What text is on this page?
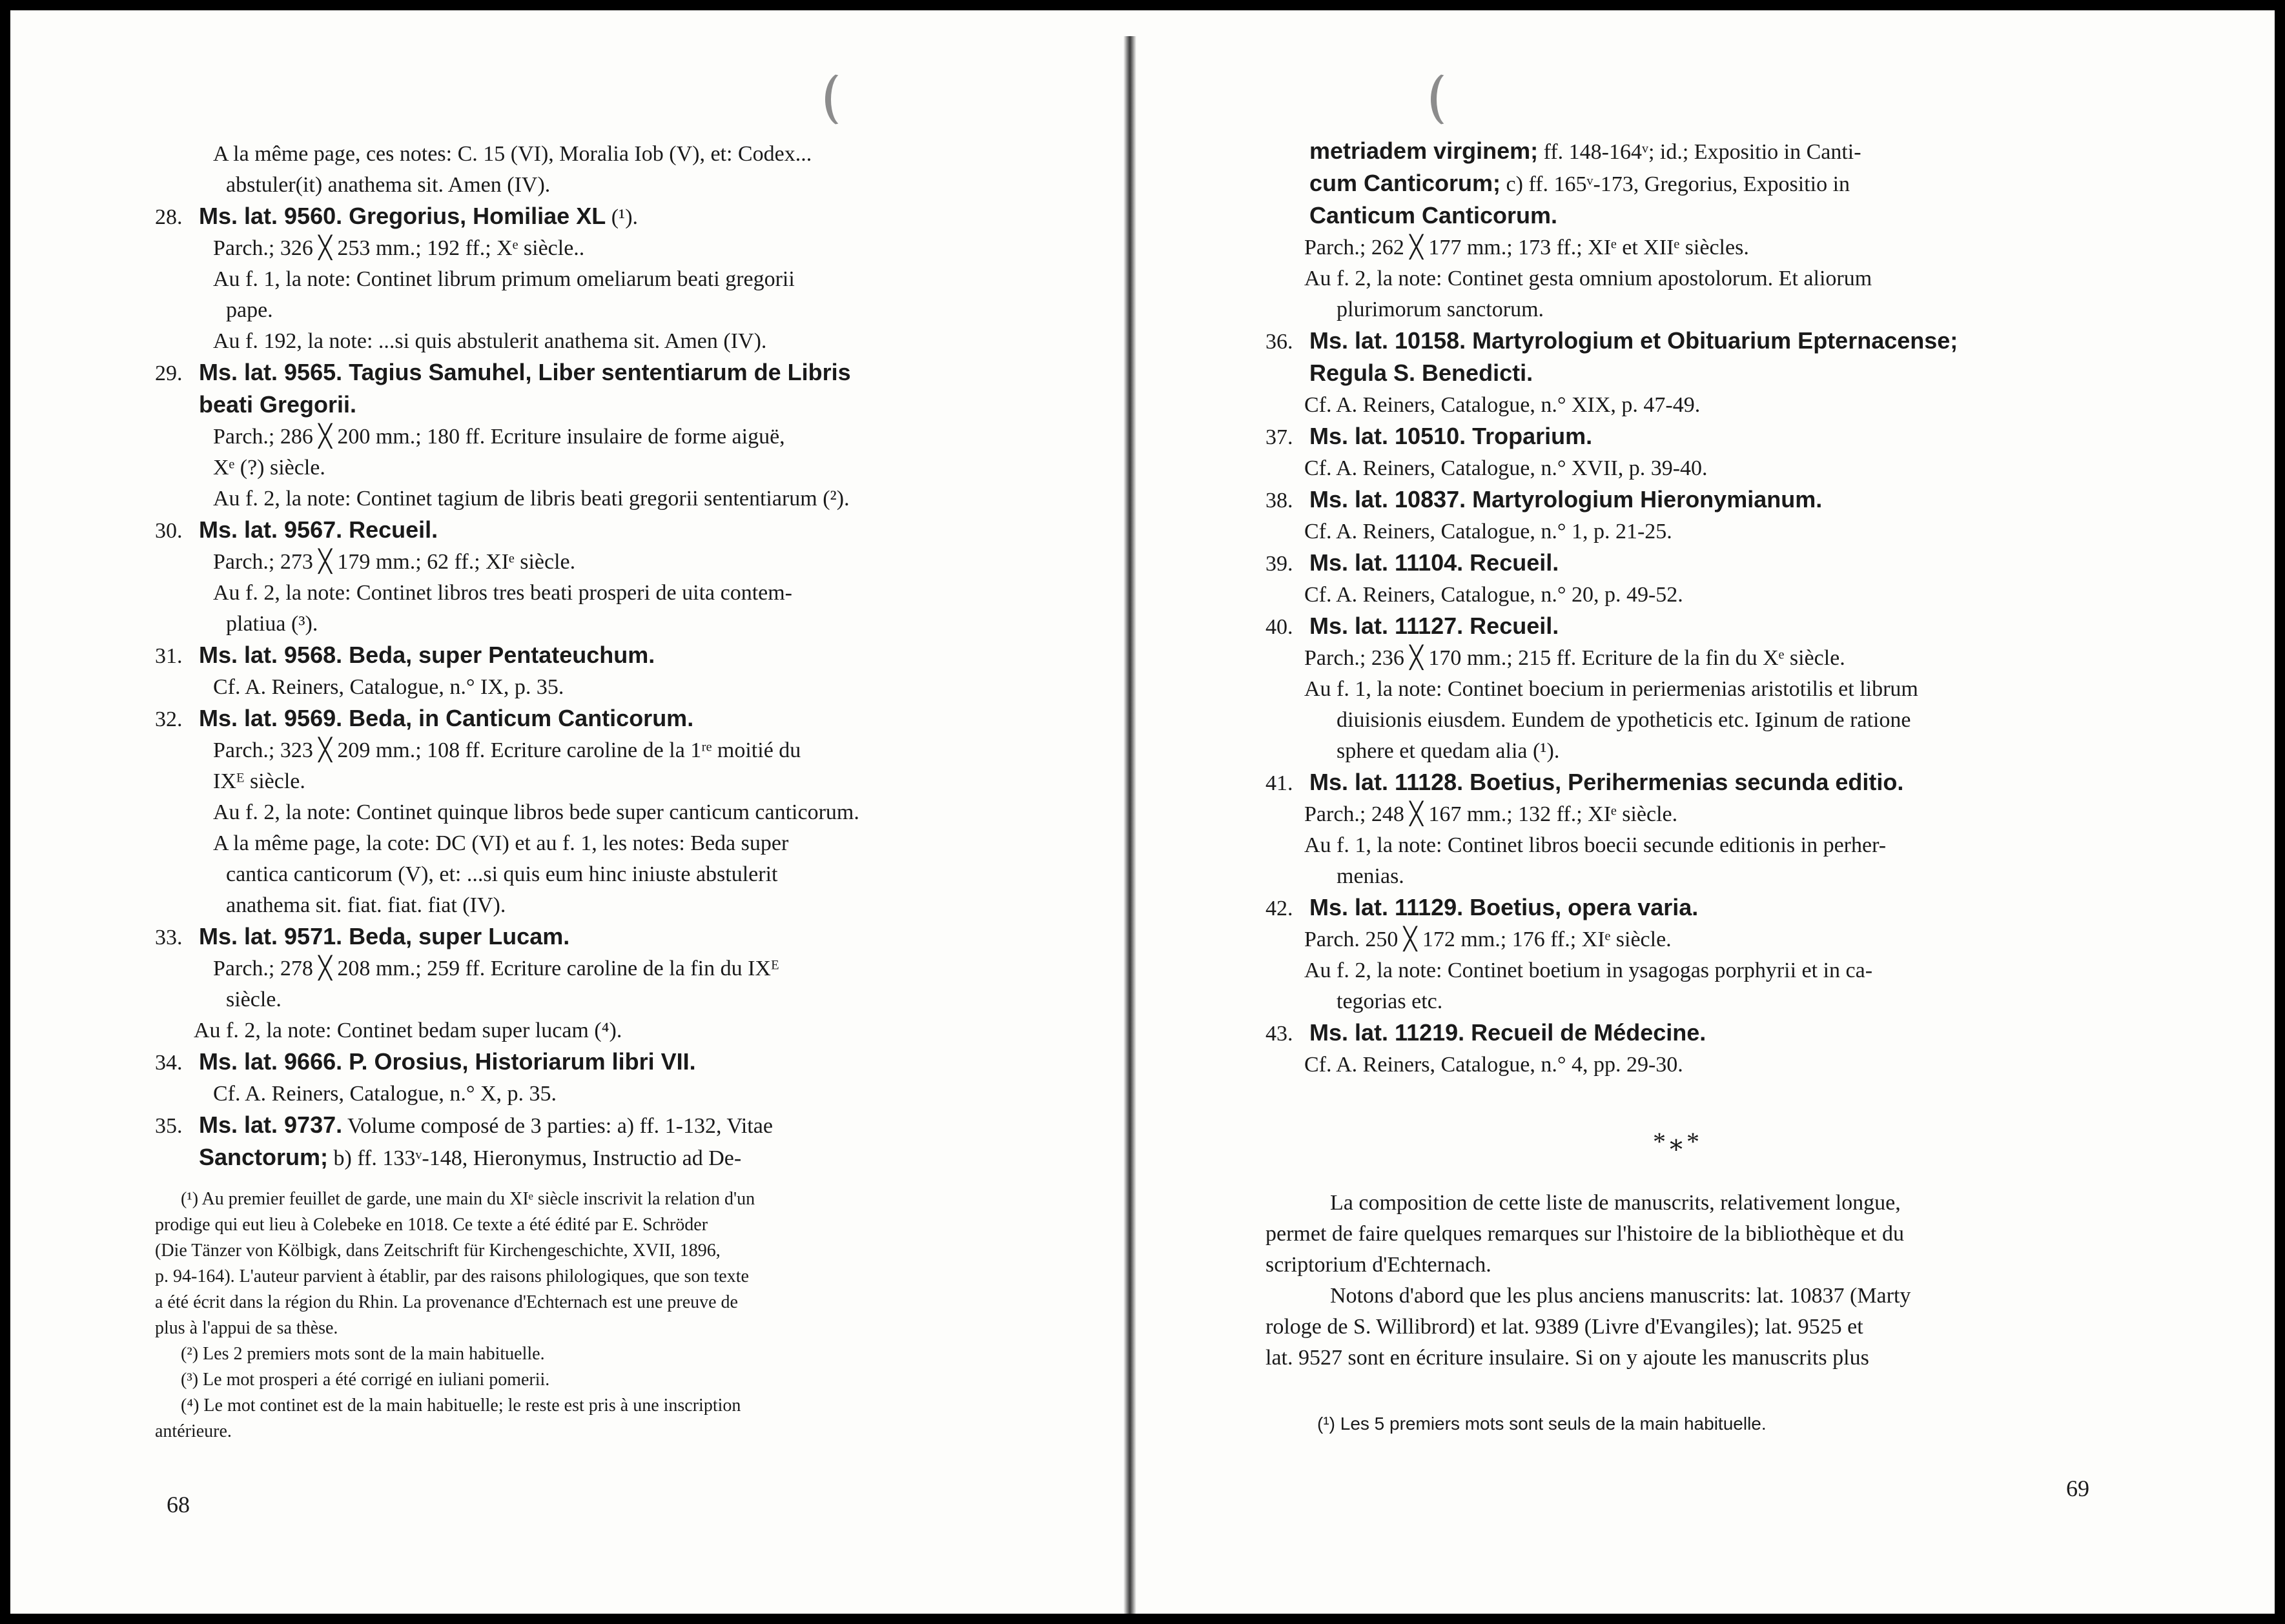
A la même page, ces notes: C. 15 (VI), Moralia Iob (V), et: Codex...
abstuler(it) anathema sit. Amen (IV).
28. Ms. lat. 9560. Gregorius, Homiliae XL (¹).
Parch.; 326 ╳ 253 mm.; 192 ff.; Xᵉ siècle..
Au f. 1, la note: Continet librum primum omeliarum beati gregorii
pape.
Au f. 192, la note: ...si quis abstulerit anathema sit. Amen (IV).
29. Ms. lat. 9565. Tagius Samuhel, Liber sententiarum de Libris
beati Gregorii.
Parch.; 286 ╳ 200 mm.; 180 ff. Ecriture insulaire de forme aiguë,
Xᵉ (?) siècle.
Au f. 2, la note: Continet tagium de libris beati gregorii sententiarum (²).
30. Ms. lat. 9567. Recueil.
Parch.; 273 ╳ 179 mm.; 62 ff.; XIᵉ siècle.
Au f. 2, la note: Continet libros tres beati prosperi de uita contem-
platiua (³).
31. Ms. lat. 9568. Beda, super Pentateuchum.
Cf. A. Reiners, Catalogue, n.° IX, p. 35.
32. Ms. lat. 9569. Beda, in Canticum Canticorum.
Parch.; 323 ╳ 209 mm.; 108 ff. Ecriture caroline de la 1ʳᵉ moitié du
IXᴱ siècle.
Au f. 2, la note: Continet quinque libros bede super canticum canticorum.
A la même page, la cote: DC (VI) et au f. 1, les notes: Beda super
cantica canticorum (V), et: ...si quis eum hinc iniuste abstulerit
anathema sit. fiat. fiat. fiat (IV).
33. Ms. lat. 9571. Beda, super Lucam.
Parch.; 278 ╳ 208 mm.; 259 ff. Ecriture caroline de la fin du IXᴱ
siècle.
Au f. 2, la note: Continet bedam super lucam (⁴).
34. Ms. lat. 9666. P. Orosius, Historiarum libri VII.
Cf. A. Reiners, Catalogue, n.° X, p. 35.
35. Ms. lat. 9737. Volume composé de 3 parties: a) ff. 1-132, Vitae
Sanctorum; b) ff. 133ᵛ-148, Hieronymus, Instructio ad De-
(¹) Au premier feuillet de garde, une main du XIᵉ siècle inscrivit la relation d'un
prodige qui eut lieu à Colebeke en 1018. Ce texte a été édité par E. Schröder
(Die Tänzer von Kölbigk, dans Zeitschrift für Kirchengeschichte, XVII, 1896,
p. 94-164). L'auteur parvient à établir, par des raisons philologiques, que son texte
a été écrit dans la région du Rhin. La provenance d'Echternach est une preuve de
plus à l'appui de sa thèse.
(²) Les 2 premiers mots sont de la main habituelle.
(³) Le mot prosperi a été corrigé en iuliani pomerii.
(⁴) Le mot continet est de la main habituelle; le reste est pris à une inscription
antérieure.
68
metriadem virginem; ff. 148-164ᵛ; id.; Expositio in Canti-
cum Canticorum; c) ff. 165ᵛ-173, Gregorius, Expositio in
Canticum Canticorum.
Parch.; 262 ╳ 177 mm.; 173 ff.; XIᵉ et XIIᵉ siècles.
Au f. 2, la note: Continet gesta omnium apostolorum. Et aliorum
plurimorum sanctorum.
36. Ms. lat. 10158. Martyrologium et Obituarium Epternacense;
Regula S. Benedicti.
Cf. A. Reiners, Catalogue, n.° XIX, p. 47-49.
37. Ms. lat. 10510. Troparium.
Cf. A. Reiners, Catalogue, n.° XVII, p. 39-40.
38. Ms. lat. 10837. Martyrologium Hieronymianum.
Cf. A. Reiners, Catalogue, n.° 1, p. 21-25.
39. Ms. lat. 11104. Recueil.
Cf. A. Reiners, Catalogue, n.° 20, p. 49-52.
40. Ms. lat. 11127. Recueil.
Parch.; 236 ╳ 170 mm.; 215 ff. Ecriture de la fin du Xᵉ siècle.
Au f. 1, la note: Continet boecium in periermenias aristotilis et librum
diuisionis eiusdem. Eundem de ypotheticis etc. Iginum de ratione
sphere et quedam alia (¹).
41. Ms. lat. 11128. Boetius, Perihermenias secunda editio.
Parch.; 248 ╳ 167 mm.; 132 ff.; XIᵉ siècle.
Au f. 1, la note: Continet libros boecii secunde editionis in perher-
menias.
42. Ms. lat. 11129. Boetius, opera varia.
Parch. 250 ╳ 172 mm.; 176 ff.; XIᵉ siècle.
Au f. 2, la note: Continet boetium in ysagogas porphyrii et in ca-
tegorias etc.
43. Ms. lat. 11219. Recueil de Médecine.
Cf. A. Reiners, Catalogue, n.° 4, pp. 29-30.
*⁎*
La composition de cette liste de manuscrits, relativement longue,
permet de faire quelques remarques sur l'histoire de la bibliothèque et du
scriptorium d'Echternach.
Notons d'abord que les plus anciens manuscrits: lat. 10837 (Marty
rologe de S. Willibrord) et lat. 9389 (Livre d'Evangiles); lat. 9525 et
lat. 9527 sont en écriture insulaire. Si on y ajoute les manuscrits plus
(¹) Les 5 premiers mots sont seuls de la main habituelle.
69
